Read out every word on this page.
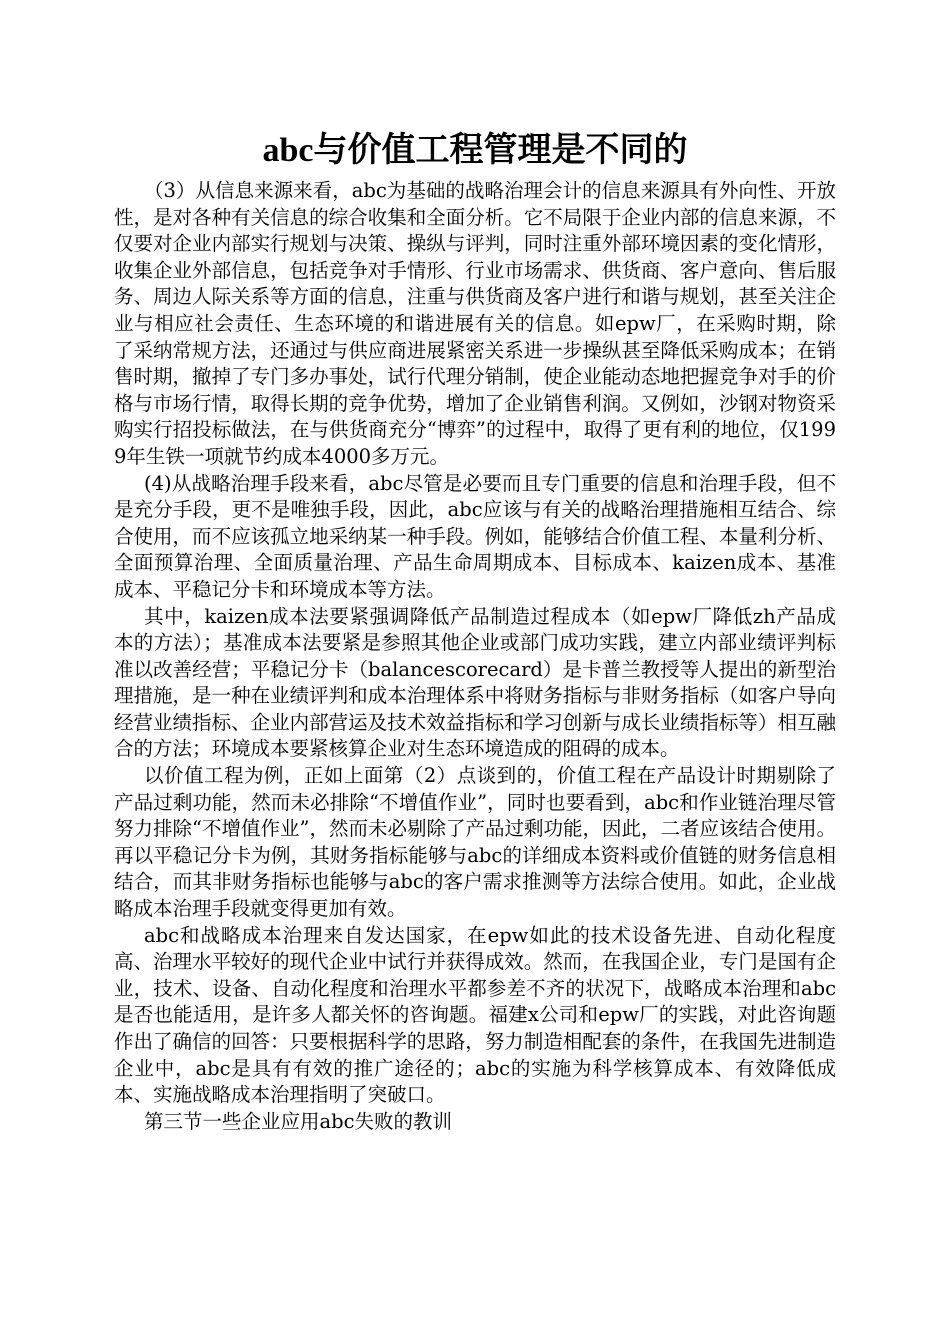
abc与价值工程管理是不同的

（3）从信息来源来看，abc为基础的战略治理会计的信息来源具有外向性、开放性，是对各种有关信息的综合收集和全面分析。它不局限于企业内部的信息来源，不仅要对企业内部实行规划与决策、操纵与评判，同时注重外部环境因素的变化情形，收集企业外部信息，包括竞争对手情形、行业市场需求、供货商、客户意向、售后服务、周边人际关系等方面的信息，注重与供货商及客户进行和谐与规划，甚至关注企业与相应社会责任、生态环境的和谐进展有关的信息。如epw厂，在采购时期，除了采纳常规方法，还通过与供应商进展紧密关系进一步操纵甚至降低采购成本；在销售时期，撤掉了专门多办事处，试行代理分销制，使企业能动态地把握竞争对手的价格与市场行情，取得长期的竞争优势，增加了企业销售利润。又例如，沙钢对物资采购实行招投标做法，在与供货商充分“博弈”的过程中，取得了更有利的地位，仅1999年生铁一项就节约成本4000多万元。

(4)从战略治理手段来看，abc尽管是必要而且专门重要的信息和治理手段，但不是充分手段，更不是唯独手段，因此，abc应该与有关的战略治理措施相互结合、综合使用，而不应该孤立地采纳某一种手段。例如，能够结合价值工程、本量利分析、全面预算治理、全面质量治理、产品生命周期成本、目标成本、kaizen成本、基准成本、平稳记分卡和环境成本等方法。

其中，kaizen成本法要紧强调降低产品制造过程成本（如epw厂降低zh产品成本的方法）；基准成本法要紧是参照其他企业或部门成功实践，建立内部业绩评判标准以改善经营；平稳记分卡（balancescorecard）是卡普兰教授等人提出的新型治理措施，是一种在业绩评判和成本治理体系中将财务指标与非财务指标（如客户导向经营业绩指标、企业内部营运及技术效益指标和学习创新与成长业绩指标等）相互融合的方法；环境成本要紧核算企业对生态环境造成的阻碍的成本。

以价值工程为例，正如上面第（2）点谈到的，价值工程在产品设计时期剔除了产品过剩功能，然而未必排除“不增值作业”，同时也要看到，abc和作业链治理尽管努力排除“不增值作业”，然而未必剔除了产品过剩功能，因此，二者应该结合使用。再以平稳记分卡为例，其财务指标能够与abc的详细成本资料或价值链的财务信息相结合，而其非财务指标也能够与abc的客户需求推测等方法综合使用。如此，企业战略成本治理手段就变得更加有效。

abc和战略成本治理来自发达国家，在epw如此的技术设备先进、自动化程度高、治理水平较好的现代企业中试行并获得成效。然而，在我国企业，专门是国有企业，技术、设备、自动化程度和治理水平都参差不齐的状况下，战略成本治理和abc是否也能适用，是许多人都关怀的咨询题。福建x公司和epw厂的实践，对此咨询题作出了确信的回答：只要根据科学的思路，努力制造相配套的条件，在我国先进制造企业中，abc是具有有效的推广途径的；abc的实施为科学核算成本、有效降低成本、实施战略成本治理指明了突破口。

第三节一些企业应用abc失败的教训
